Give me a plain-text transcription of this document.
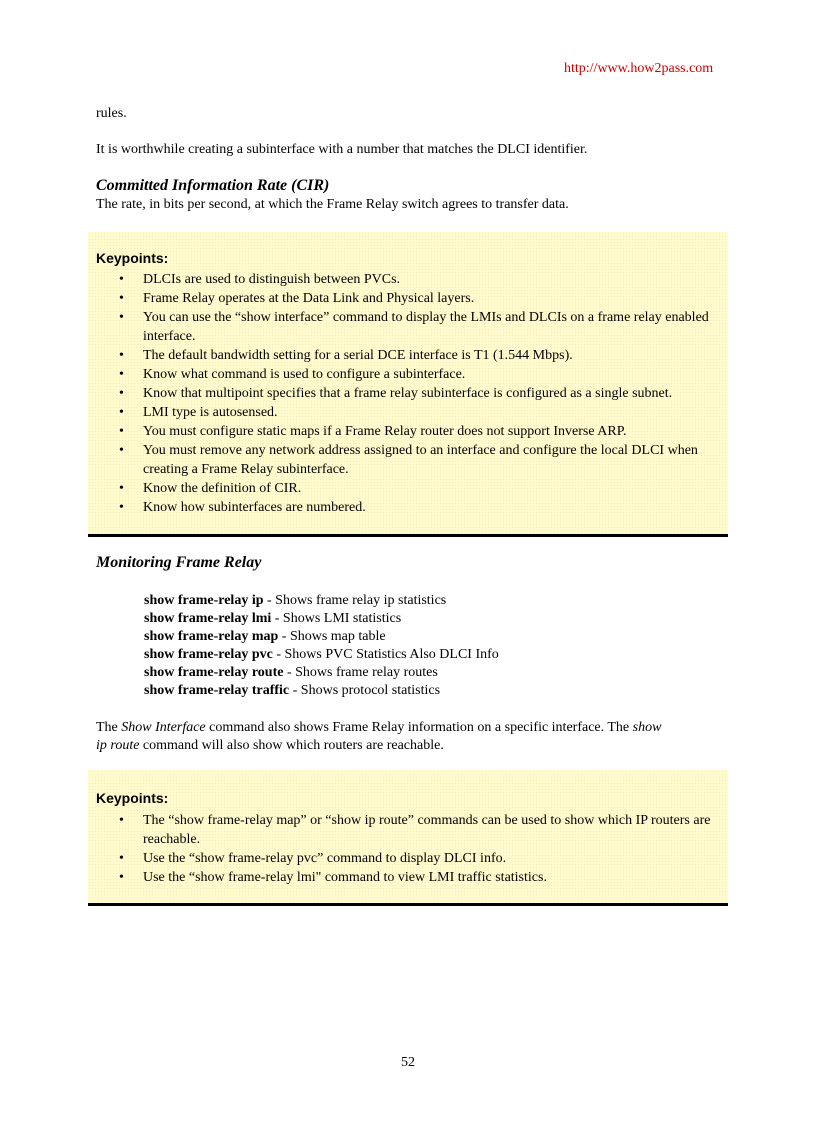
http://www.how2pass.com
rules.
It is worthwhile creating a subinterface with a number that matches the DLCI identifier.
Committed Information Rate (CIR)
The rate, in bits per second, at which the Frame Relay switch agrees to transfer data.
Keypoints:
• DLCIs are used to distinguish between PVCs.
• Frame Relay operates at the Data Link and Physical layers.
• You can use the “show interface” command to display the LMIs and DLCIs on a frame relay enabled interface.
• The default bandwidth setting for a serial DCE interface is T1 (1.544 Mbps).
• Know what command is used to configure a subinterface.
• Know that multipoint specifies that a frame relay subinterface is configured as a single subnet.
• LMI type is autosensed.
• You must configure static maps if a Frame Relay router does not support Inverse ARP.
• You must remove any network address assigned to an interface and configure the local DLCI when creating a Frame Relay subinterface.
• Know the definition of CIR.
• Know how subinterfaces are numbered.
Monitoring Frame Relay
show frame-relay ip - Shows frame relay ip statistics
show frame-relay lmi - Shows LMI statistics
show frame-relay map - Shows map table
show frame-relay pvc - Shows PVC Statistics Also DLCI Info
show frame-relay route - Shows frame relay routes
show frame-relay traffic - Shows protocol statistics
The Show Interface command also shows Frame Relay information on a specific interface. The show
ip route command will also show which routers are reachable.
Keypoints:
• The “show frame-relay map” or “show ip route” commands can be used to show which IP routers are reachable.
• Use the “show frame-relay pvc” command to display DLCI info.
• Use the “show frame-relay lmi" command to view LMI traffic statistics.
52
